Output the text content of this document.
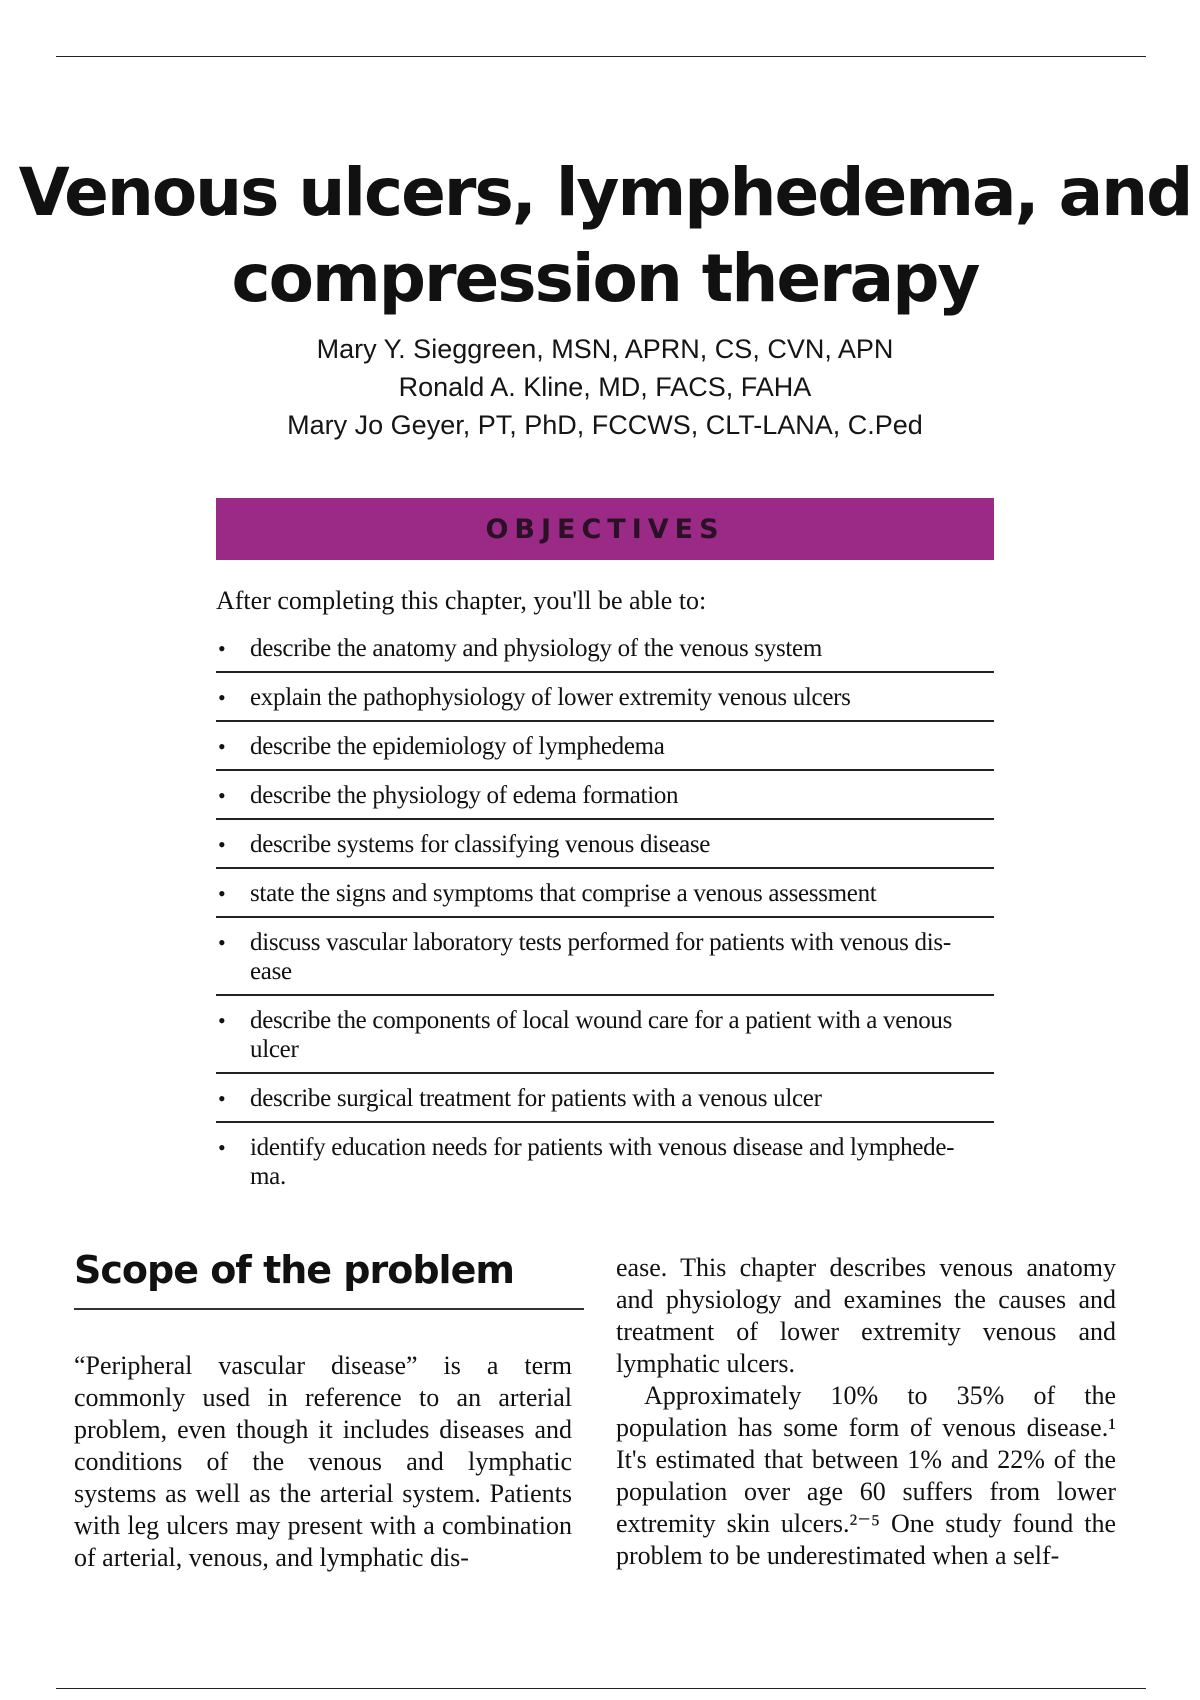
Venous ulcers, lymphedema, and
compression therapy
Mary Y. Sieggreen, MSN, APRN, CS, CVN, APN
Ronald A. Kline, MD, FACS, FAHA
Mary Jo Geyer, PT, PhD, FCCWS, CLT-LANA, C.Ped
OBJECTIVES
After completing this chapter, you'll be able to:
• describe the anatomy and physiology of the venous system
• explain the pathophysiology of lower extremity venous ulcers
• describe the epidemiology of lymphedema
• describe the physiology of edema formation
• describe systems for classifying venous disease
• state the signs and symptoms that comprise a venous assessment
• discuss vascular laboratory tests performed for patients with venous dis-ease
• describe the components of local wound care for a patient with a venous ulcer
• describe surgical treatment for patients with a venous ulcer
• identify education needs for patients with venous disease and lymphede-ma.
Scope of the problem

“Peripheral vascular disease” is a term commonly used in reference to an arterial problem, even though it includes diseases and conditions of the venous and lymphatic systems as well as the arterial system. Patients with leg ulcers may present with a combination of arterial, venous, and lymphatic dis-

ease. This chapter describes venous anatomy and physiology and examines the causes and treatment of lower extremity venous and lymphatic ulcers.

Approximately 10% to 35% of the population has some form of venous disease.¹ It's estimated that between 1% and 22% of the population over age 60 suffers from lower extremity skin ulcers.²⁻⁵ One study found the problem to be underestimated when a self-
